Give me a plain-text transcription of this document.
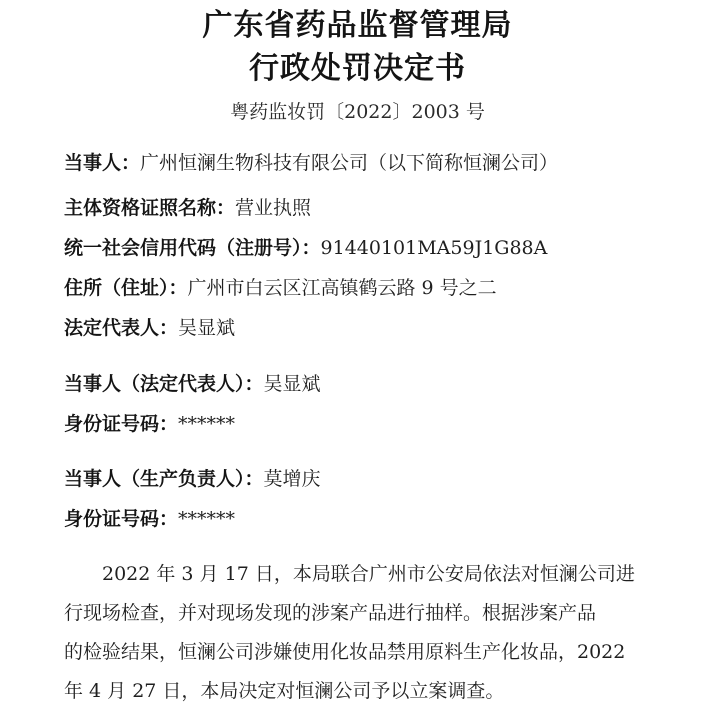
广东省药品监督管理局
行政处罚决定书
粤药监妆罚〔2022〕2003 号
当事人：广州恒澜生物科技有限公司（以下简称恒澜公司）
主体资格证照名称：营业执照
统一社会信用代码（注册号）：91440101MA59J1G88A
住所（住址）：广州市白云区江高镇鹤云路 9 号之二
法定代表人：吴显斌
当事人（法定代表人）：吴显斌
身份证号码：******
当事人（生产负责人）：莫增庆
身份证号码：******
　　2022 年 3 月 17 日，本局联合广州市公安局依法对恒澜公司进
行现场检查，并对现场发现的涉案产品进行抽样。根据涉案产品
的检验结果，恒澜公司涉嫌使用化妆品禁用原料生产化妆品，2022
年 4 月 27 日，本局决定对恒澜公司予以立案调查。
